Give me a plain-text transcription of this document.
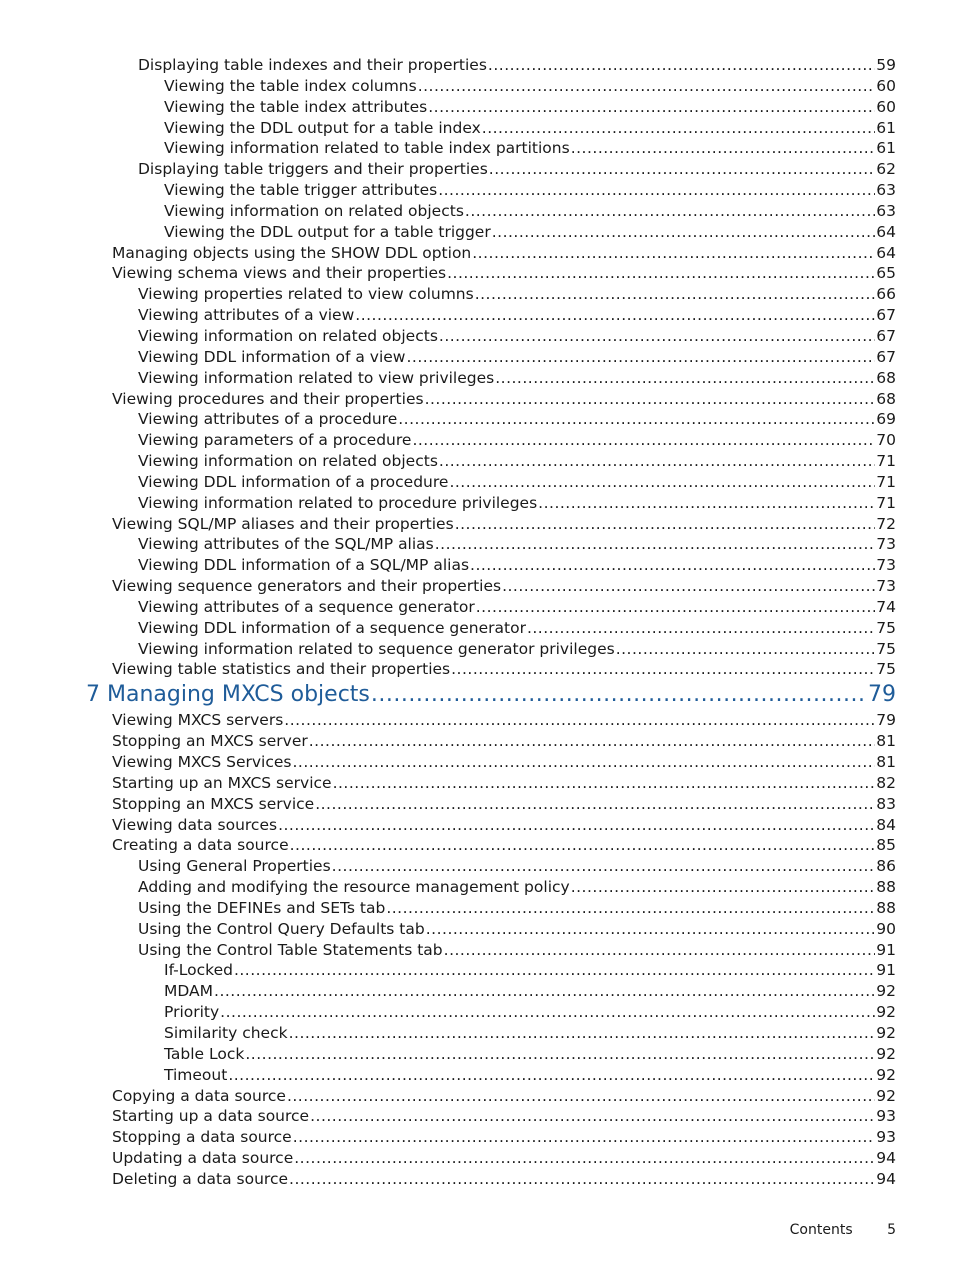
Displaying table indexes and their properties .....	59
Viewing the table index columns .....	60
Viewing the table index attributes .....	60
Viewing the DDL output for a table index .....	61
Viewing information related to table index partitions .....	61
Displaying table triggers and their properties .....	62
Viewing the table trigger attributes .....	63
Viewing information on related objects .....	63
Viewing the DDL output for a table trigger .....	64
Managing objects using the SHOW DDL option .....	64
Viewing schema views and their properties .....	65
Viewing properties related to view columns .....	66
Viewing attributes of a view .....	67
Viewing information on related objects .....	67
Viewing DDL information of a view .....	67
Viewing information related to view privileges .....	68
Viewing procedures and their properties .....	68
Viewing attributes of a procedure .....	69
Viewing parameters of a procedure .....	70
Viewing information on related objects .....	71
Viewing DDL information of a procedure .....	71
Viewing information related to procedure privileges .....	71
Viewing SQL/MP aliases and their properties .....	72
Viewing attributes of the SQL/MP alias .....	73
Viewing DDL information of a SQL/MP alias .....	73
Viewing sequence generators and their properties .....	73
Viewing attributes of a sequence generator .....	74
Viewing DDL information of a sequence generator .....	75
Viewing information related to sequence generator privileges .....	75
Viewing table statistics and their properties .....	75
7 Managing MXCS objects .....	79
Viewing MXCS servers .....	79
Stopping an MXCS server .....	81
Viewing MXCS Services .....	81
Starting up an MXCS service .....	82
Stopping an MXCS service .....	83
Viewing data sources .....	84
Creating a data source .....	85
Using General Properties .....	86
Adding and modifying the resource management policy .....	88
Using the DEFINEs and SETs tab .....	88
Using the Control Query Defaults tab .....	90
Using the Control Table Statements tab .....	91
If-Locked .....	91
MDAM .....	92
Priority .....	92
Similarity check .....	92
Table Lock .....	92
Timeout .....	92
Copying a data source .....	92
Starting up a data source .....	93
Stopping a data source .....	93
Updating a data source .....	94
Deleting a data source .....	94
Contents 5
